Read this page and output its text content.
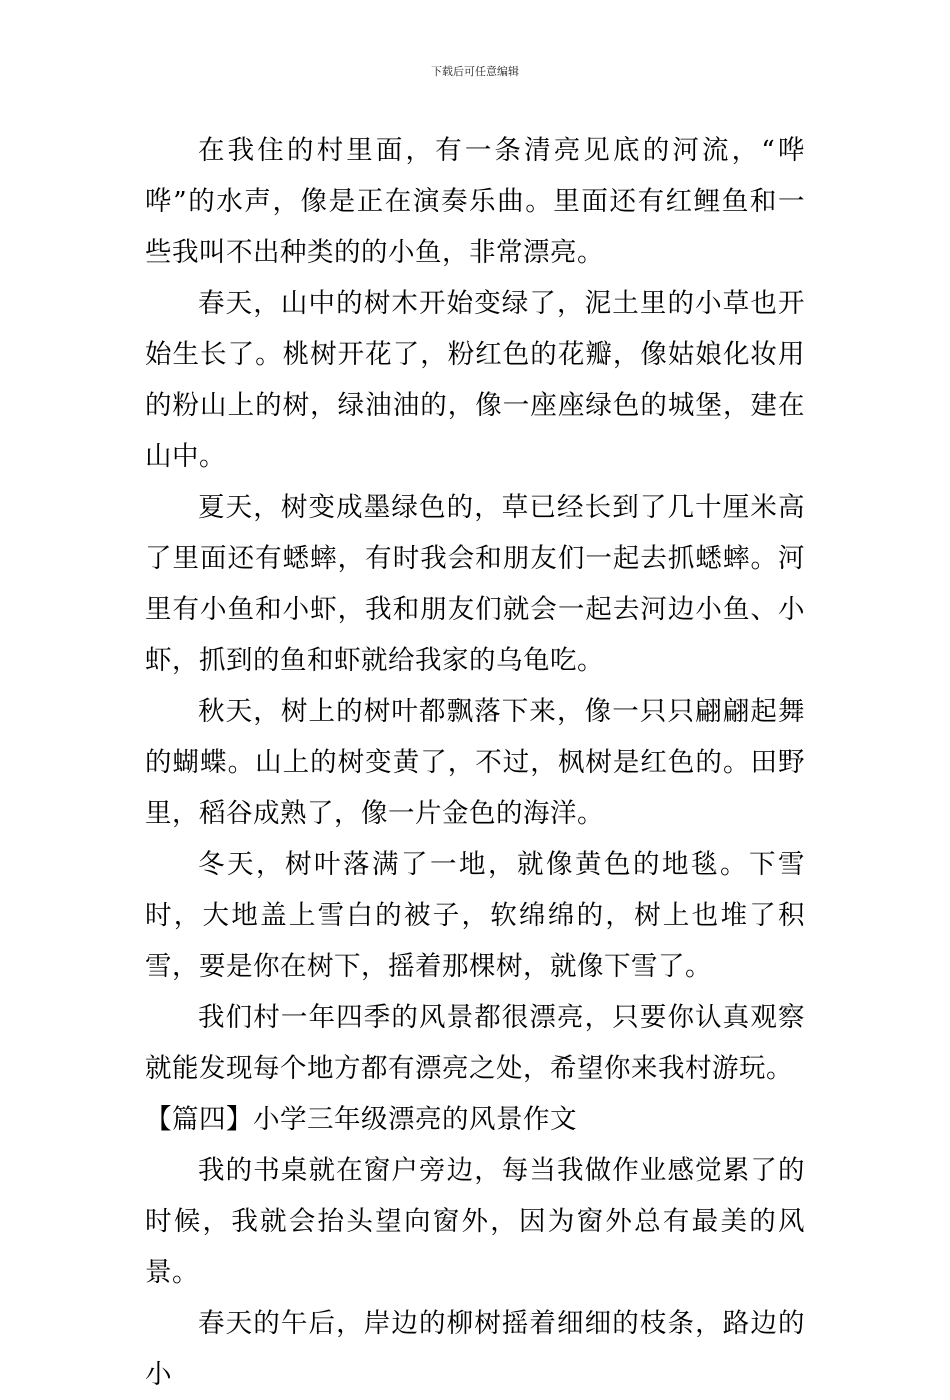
下载后可任意编辑

在我住的村里面，有一条清亮见底的河流，“哗哗”的水声，像是正在演奏乐曲。里面还有红鲤鱼和一些我叫不出种类的的小鱼，非常漂亮。

春天，山中的树木开始变绿了，泥土里的小草也开始生长了。桃树开花了，粉红色的花瓣，像姑娘化妆用的粉山上的树，绿油油的，像一座座绿色的城堡，建在山中。

夏天，树变成墨绿色的，草已经长到了几十厘米高了里面还有蟋蟀，有时我会和朋友们一起去抓蟋蟀。河里有小鱼和小虾，我和朋友们就会一起去河边小鱼、小虾，抓到的鱼和虾就给我家的乌龟吃。

秋天，树上的树叶都飘落下来，像一只只翩翩起舞的蝴蝶。山上的树变黄了，不过，枫树是红色的。田野里，稻谷成熟了，像一片金色的海洋。

冬天，树叶落满了一地，就像黄色的地毯。下雪时，大地盖上雪白的被子，软绵绵的，树上也堆了积雪，要是你在树下，摇着那棵树，就像下雪了。

我们村一年四季的风景都很漂亮，只要你认真观察就能发现每个地方都有漂亮之处，希望你来我村游玩。

【篇四】小学三年级漂亮的风景作文

我的书桌就在窗户旁边，每当我做作业感觉累了的时候，我就会抬头望向窗外，因为窗外总有最美的风景。

春天的午后，岸边的柳树摇着细细的枝条，路边的小
